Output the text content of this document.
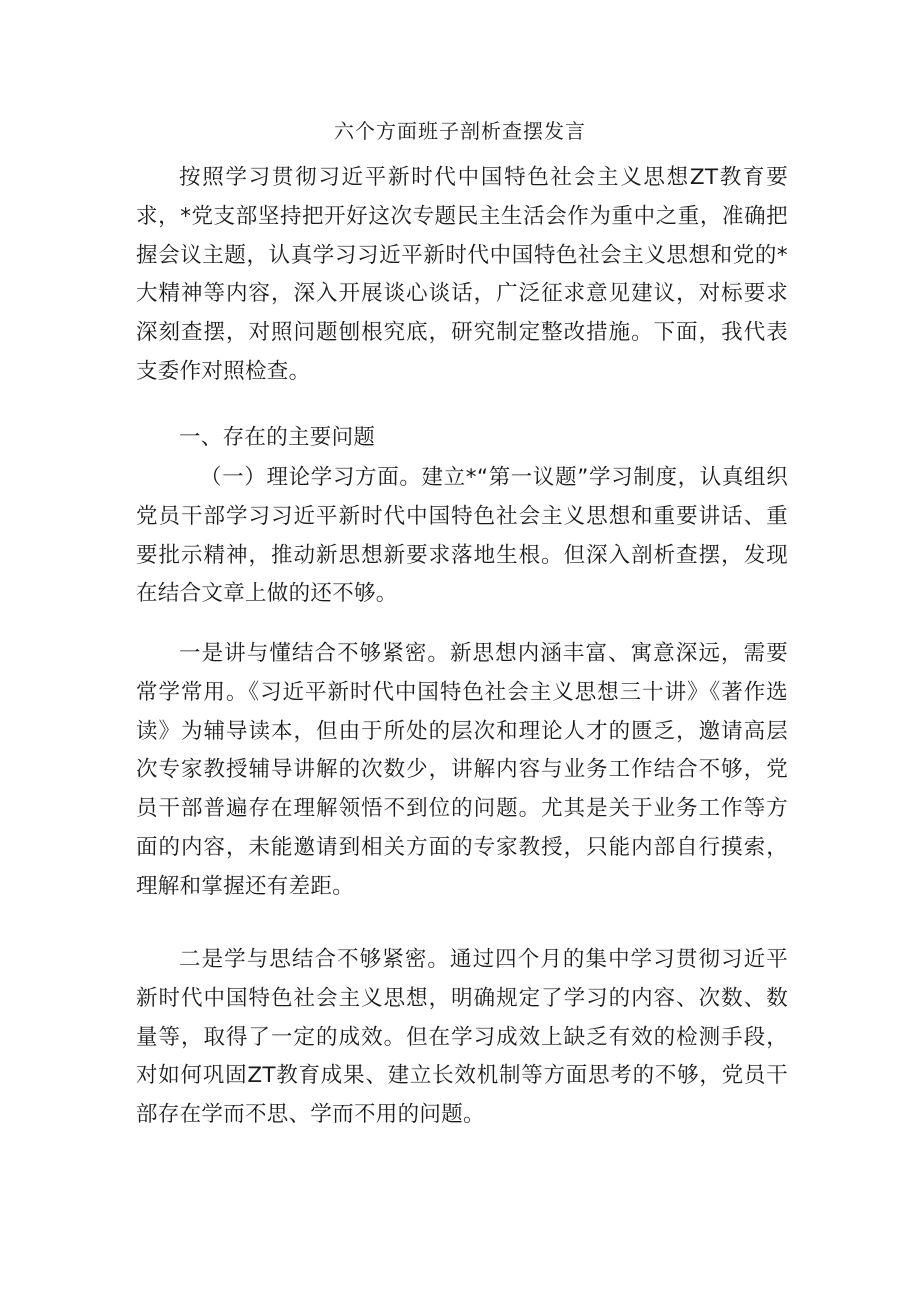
六个方面班子剖析查摆发言

按照学习贯彻习近平新时代中国特色社会主义思想ZT教育要求，*党支部坚持把开好这次专题民主生活会作为重中之重，准确把握会议主题，认真学习习近平新时代中国特色社会主义思想和党的*大精神等内容，深入开展谈心谈话，广泛征求意见建议，对标要求深刻查摆，对照问题刨根究底，研究制定整改措施。下面，我代表支委作对照检查。

一、存在的主要问题

（一）理论学习方面。建立*“第一议题”学习制度，认真组织党员干部学习习近平新时代中国特色社会主义思想和重要讲话、重要批示精神，推动新思想新要求落地生根。但深入剖析查摆，发现在结合文章上做的还不够。

一是讲与懂结合不够紧密。新思想内涵丰富、寓意深远，需要常学常用。《习近平新时代中国特色社会主义思想三十讲》《著作选读》为辅导读本，但由于所处的层次和理论人才的匮乏，邀请高层次专家教授辅导讲解的次数少，讲解内容与业务工作结合不够，党员干部普遍存在理解领悟不到位的问题。尤其是关于业务工作等方面的内容，未能邀请到相关方面的专家教授，只能内部自行摸索，理解和掌握还有差距。

二是学与思结合不够紧密。通过四个月的集中学习贯彻习近平新时代中国特色社会主义思想，明确规定了学习的内容、次数、数量等，取得了一定的成效。但在学习成效上缺乏有效的检测手段，对如何巩固ZT教育成果、建立长效机制等方面思考的不够，党员干部存在学而不思、学而不用的问题。
